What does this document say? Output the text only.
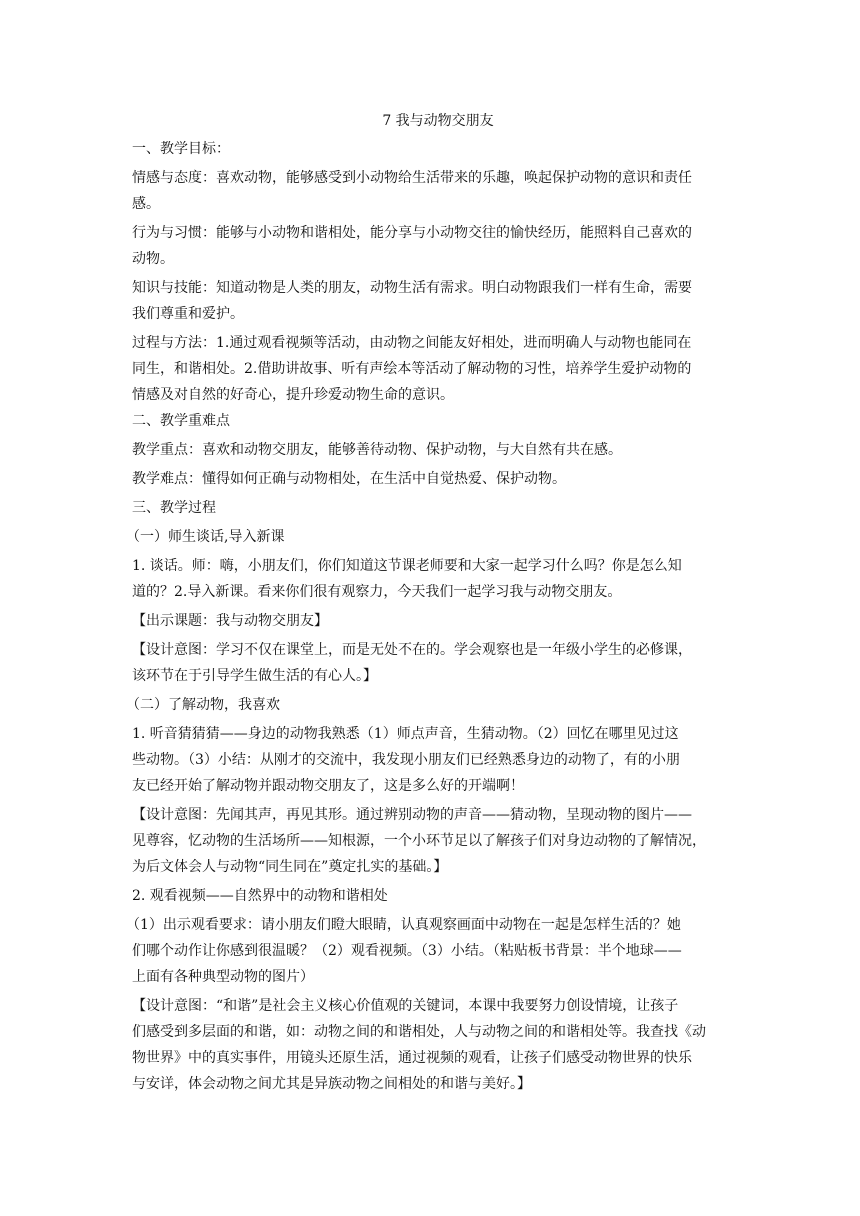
7 我与动物交朋友
一、教学目标：
情感与态度：喜欢动物，能够感受到小动物给生活带来的乐趣，唤起保护动物的意识和责任
感。
行为与习惯：能够与小动物和谐相处，能分享与小动物交往的愉快经历，能照料自己喜欢的
动物。
知识与技能：知道动物是人类的朋友，动物生活有需求。明白动物跟我们一样有生命，需要
我们尊重和爱护。
过程与方法：1.通过观看视频等活动，由动物之间能友好相处，进而明确人与动物也能同在
同生，和谐相处。2.借助讲故事、听有声绘本等活动了解动物的习性，培养学生爱护动物的
情感及对自然的好奇心，提升珍爱动物生命的意识。
二、教学重难点
教学重点：喜欢和动物交朋友，能够善待动物、保护动物，与大自然有共在感。
教学难点：懂得如何正确与动物相处，在生活中自觉热爱、保护动物。
三、教学过程
（一）师生谈话,导入新课
1. 谈话。师：嗨，小朋友们，你们知道这节课老师要和大家一起学习什么吗？你是怎么知
道的？2.导入新课。看来你们很有观察力，今天我们一起学习我与动物交朋友。
【出示课题：我与动物交朋友】
【设计意图：学习不仅在课堂上，而是无处不在的。学会观察也是一年级小学生的必修课，
该环节在于引导学生做生活的有心人。】
（二）了解动物，我喜欢
1. 听音猜猜猜——身边的动物我熟悉（1）师点声音，生猜动物。（2）回忆在哪里见过这
些动物。（3）小结：从刚才的交流中，我发现小朋友们已经熟悉身边的动物了，有的小朋
友已经开始了解动物并跟动物交朋友了，这是多么好的开端啊！
【设计意图：先闻其声，再见其形。通过辨别动物的声音——猜动物，呈现动物的图片——
见尊容，忆动物的生活场所——知根源，一个小环节足以了解孩子们对身边动物的了解情况，
为后文体会人与动物“同生同在”奠定扎实的基础。】
2. 观看视频——自然界中的动物和谐相处
（1）出示观看要求：请小朋友们瞪大眼睛，认真观察画面中动物在一起是怎样生活的？她
们哪个动作让你感到很温暖？（2）观看视频。（3）小结。（粘贴板书背景：半个地球——
上面有各种典型动物的图片）
【设计意图：“和谐”是社会主义核心价值观的关键词，本课中我要努力创设情境，让孩子
们感受到多层面的和谐，如：动物之间的和谐相处，人与动物之间的和谐相处等。我查找《动
物世界》中的真实事件，用镜头还原生活，通过视频的观看，让孩子们感受动物世界的快乐
与安详，体会动物之间尤其是异族动物之间相处的和谐与美好。】
